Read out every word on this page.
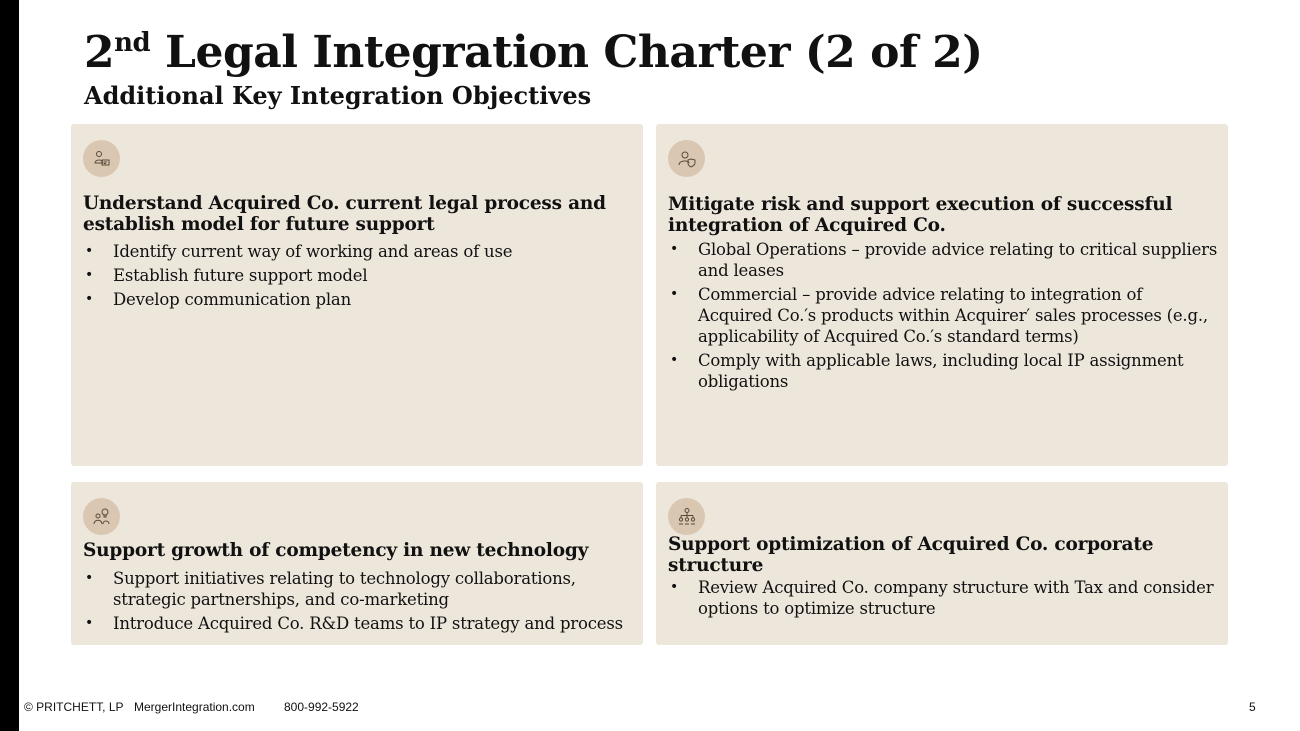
2nd Legal Integration Charter (2 of 2)
Additional Key Integration Objectives
Understand Acquired Co. current legal process and establish model for future support
• Identify current way of working and areas of use
• Establish future support model
• Develop communication plan
Mitigate risk and support execution of successful integration of Acquired Co.
• Global Operations – provide advice relating to critical suppliers and leases
• Commercial – provide advice relating to integration of Acquired Co.′s products within Acquirer′ sales processes (e.g., applicability of Acquired Co.′s standard terms)
• Comply with applicable laws, including local IP assignment obligations
Support growth of competency in new technology
• Support initiatives relating to technology collaborations, strategic partnerships, and co-marketing
• Introduce Acquired Co. R&D teams to IP strategy and process
Support optimization of Acquired Co. corporate structure
• Review Acquired Co. company structure with Tax and consider options to optimize structure
© PRITCHETT, LP MergerIntegration.com 800-992-5922	5
